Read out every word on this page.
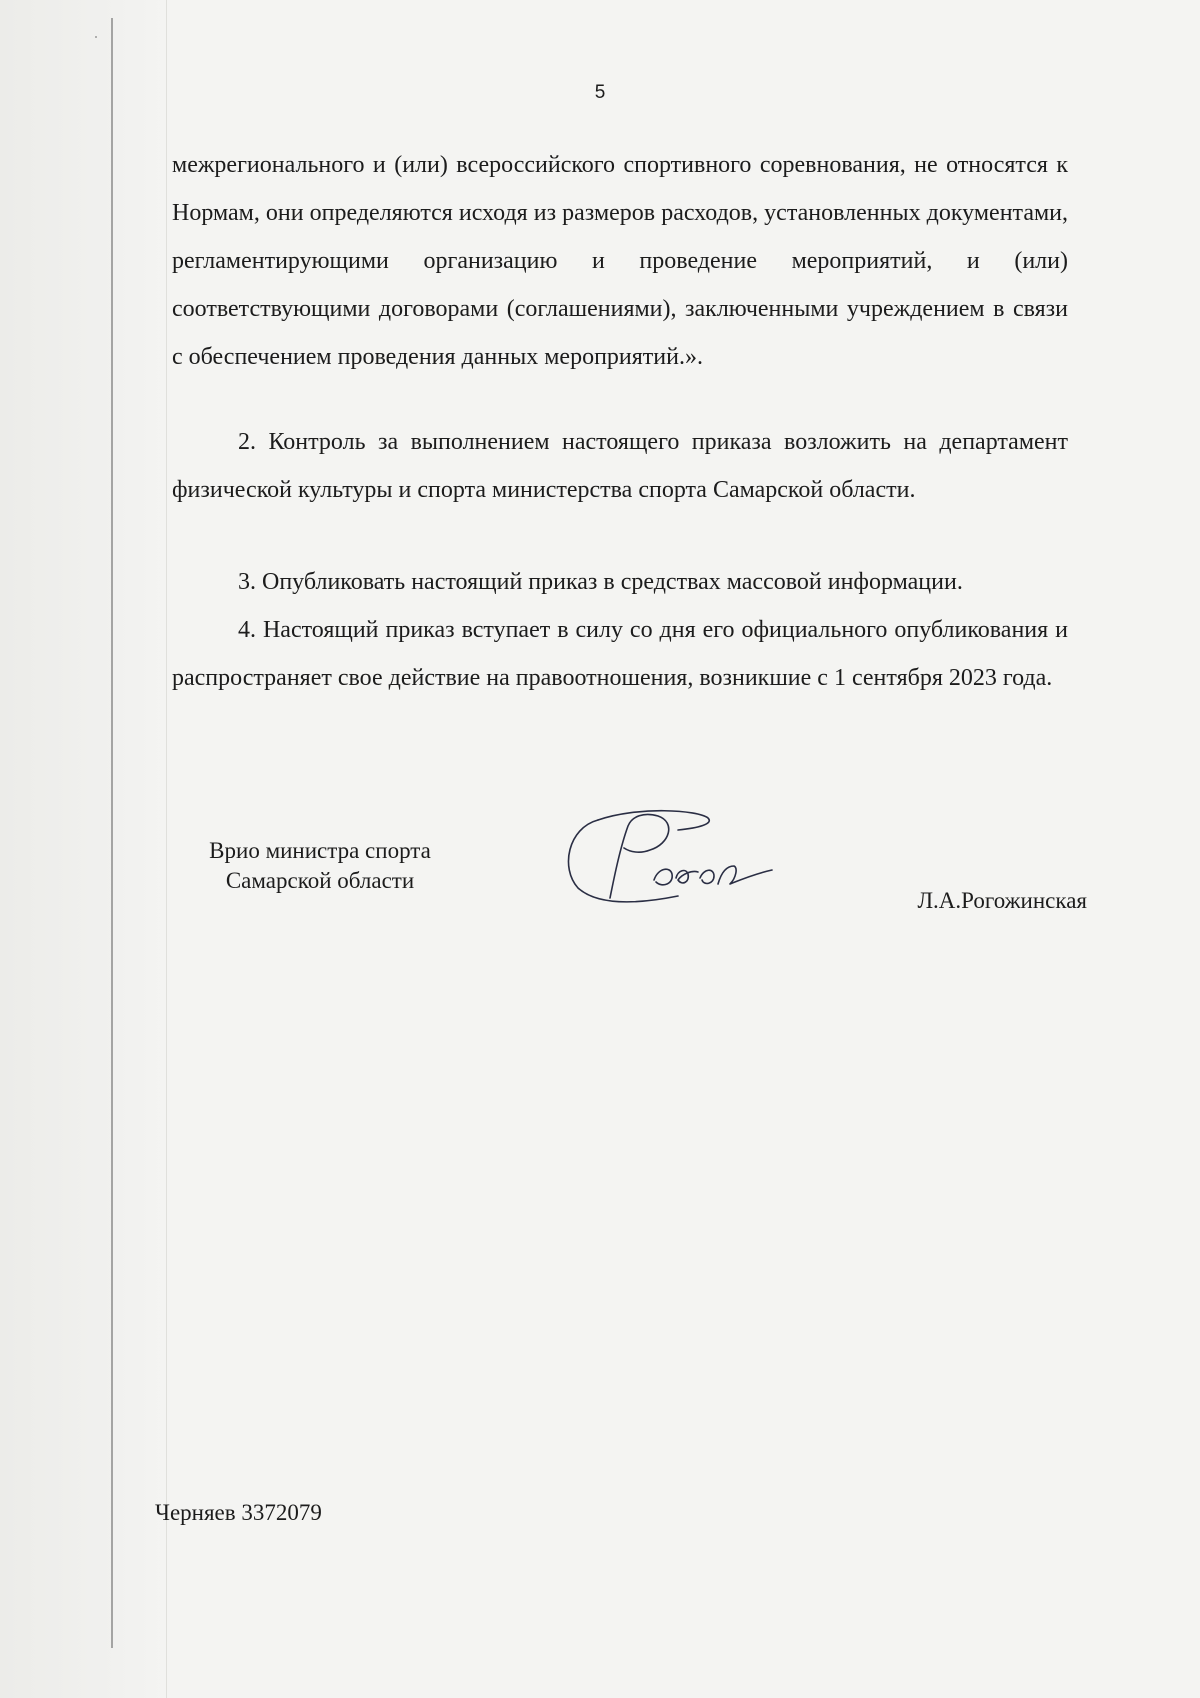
5

межрегионального и (или) всероссийского спортивного соревнования, не относятся к Нормам, они определяются исходя из размеров расходов, установленных документами, регламентирующими организацию и проведение мероприятий, и (или) соответствующими договорами (соглашениями), заключенными учреждением в связи с обеспечением проведения данных мероприятий.».

2. Контроль за выполнением настоящего приказа возложить на департамент физической культуры и спорта министерства спорта Самарской области.

3. Опубликовать настоящий приказ в средствах массовой информации.

4. Настоящий приказ вступает в силу со дня его официального опубликования и распространяет свое действие на правоотношения, возникшие с 1 сентября 2023 года.

Врио министра спорта
Самарской области
Л.А.Рогожинская
Черняев 3372079
